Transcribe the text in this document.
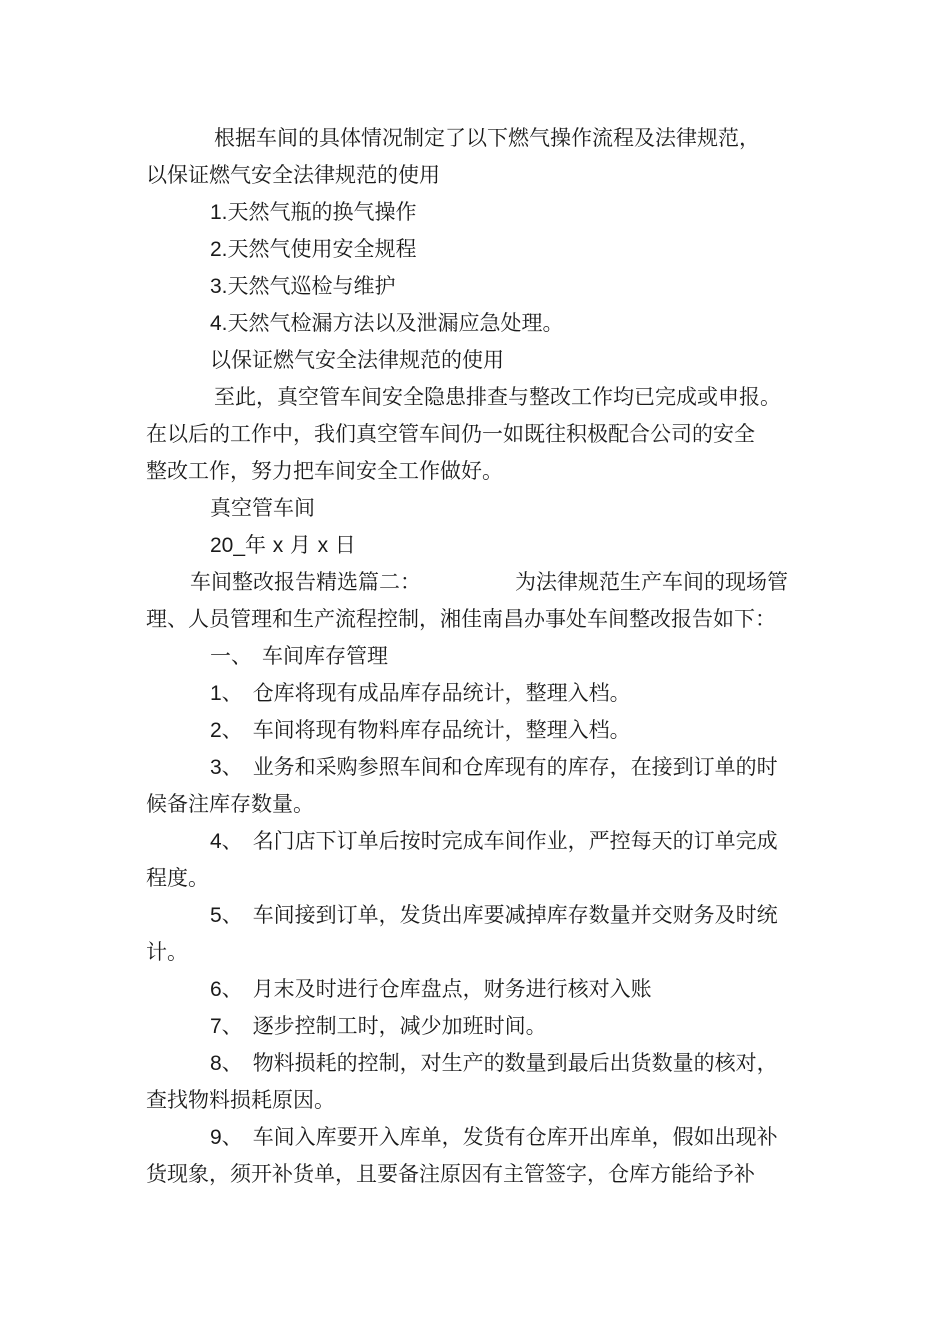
根据车间的具体情况制定了以下燃气操作流程及法律规范，

以保证燃气安全法律规范的使用

1.天然气瓶的换气操作

2.天然气使用安全规程

3.天然气巡检与维护

4.天然气检漏方法以及泄漏应急处理。

以保证燃气安全法律规范的使用

至此，真空管车间安全隐患排查与整改工作均已完成或申报。

在以后的工作中，我们真空管车间仍一如既往积极配合公司的安全

整改工作，努力把车间安全工作做好。

真空管车间

20_年 x 月 x 日

车间整改报告精选篇二：	为法律规范生产车间的现场管

理、人员管理和生产流程控制，湘佳南昌办事处车间整改报告如下：

一、 车间库存管理

1、 仓库将现有成品库存品统计，整理入档。

2、 车间将现有物料库存品统计，整理入档。

3、 业务和采购参照车间和仓库现有的库存，在接到订单的时

候备注库存数量。

4、 名门店下订单后按时完成车间作业，严控每天的订单完成

程度。

5、 车间接到订单，发货出库要减掉库存数量并交财务及时统

计。

6、 月末及时进行仓库盘点，财务进行核对入账

7、 逐步控制工时，减少加班时间。

8、 物料损耗的控制，对生产的数量到最后出货数量的核对，

查找物料损耗原因。

9、 车间入库要开入库单，发货有仓库开出库单，假如出现补

货现象，须开补货单，且要备注原因有主管签字，仓库方能给予补
